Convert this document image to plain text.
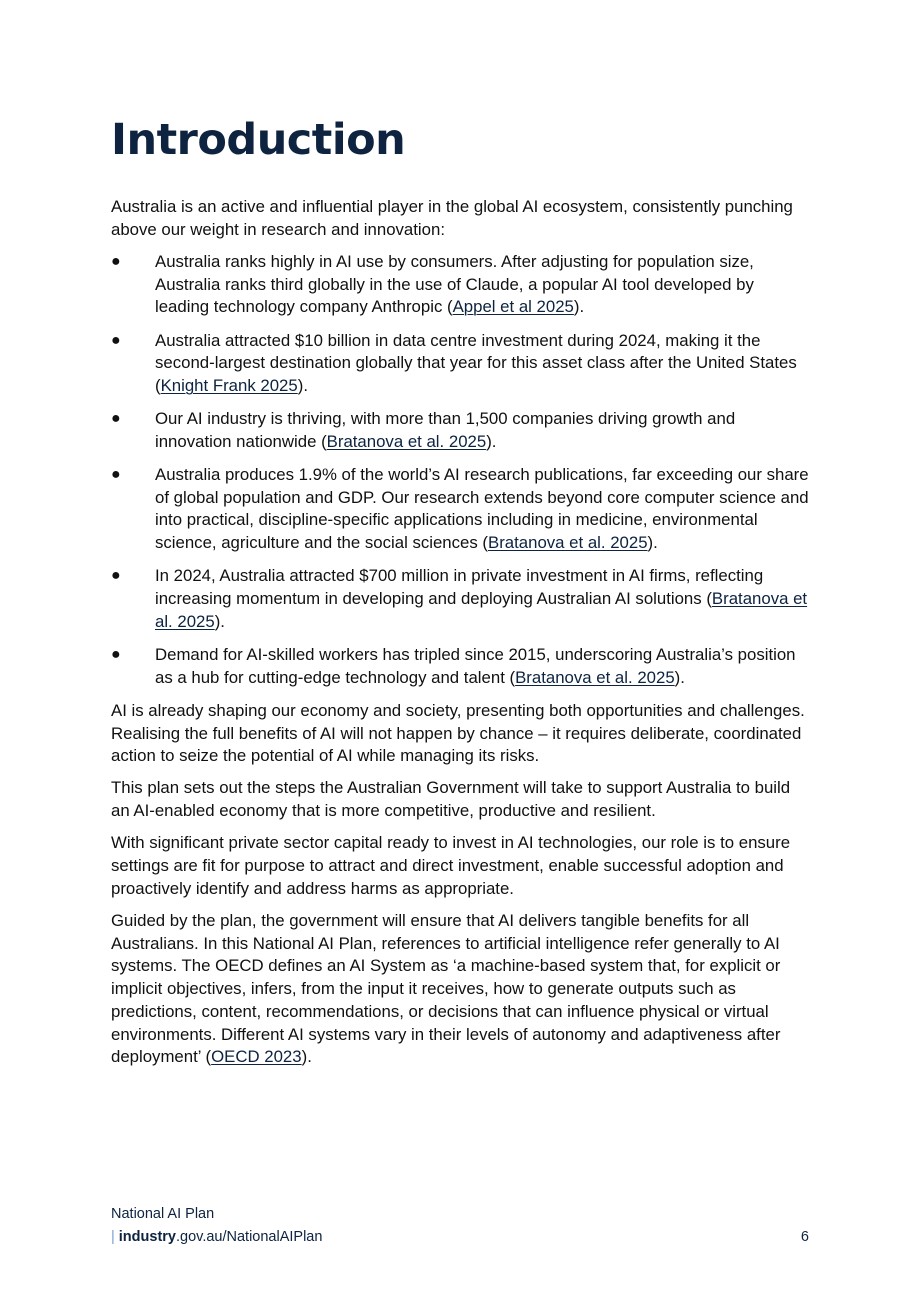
Introduction

Australia is an active and influential player in the global AI ecosystem, consistently punching above our weight in research and innovation:

● Australia ranks highly in AI use by consumers. After adjusting for population size, Australia ranks third globally in the use of Claude, a popular AI tool developed by leading technology company Anthropic (Appel et al 2025).
● Australia attracted $10 billion in data centre investment during 2024, making it the second-largest destination globally that year for this asset class after the United States (Knight Frank 2025).
● Our AI industry is thriving, with more than 1,500 companies driving growth and innovation nationwide (Bratanova et al. 2025).
● Australia produces 1.9% of the world’s AI research publications, far exceeding our share of global population and GDP. Our research extends beyond core computer science and into practical, discipline-specific applications including in medicine, environmental science, agriculture and the social sciences (Bratanova et al. 2025).
● In 2024, Australia attracted $700 million in private investment in AI firms, reflecting increasing momentum in developing and deploying Australian AI solutions (Bratanova et al. 2025).
● Demand for AI-skilled workers has tripled since 2015, underscoring Australia’s position as a hub for cutting-edge technology and talent (Bratanova et al. 2025).

AI is already shaping our economy and society, presenting both opportunities and challenges. Realising the full benefits of AI will not happen by chance – it requires deliberate, coordinated action to seize the potential of AI while managing its risks.

This plan sets out the steps the Australian Government will take to support Australia to build an AI-enabled economy that is more competitive, productive and resilient.

With significant private sector capital ready to invest in AI technologies, our role is to ensure settings are fit for purpose to attract and direct investment, enable successful adoption and proactively identify and address harms as appropriate.

Guided by the plan, the government will ensure that AI delivers tangible benefits for all Australians. In this National AI Plan, references to artificial intelligence refer generally to AI systems. The OECD defines an AI System as ‘a machine-based system that, for explicit or implicit objectives, infers, from the input it receives, how to generate outputs such as predictions, content, recommendations, or decisions that can influence physical or virtual environments. Different AI systems vary in their levels of autonomy and adaptiveness after deployment’ (OECD 2023).

National AI Plan
| industry.gov.au/NationalAIPlan	6
